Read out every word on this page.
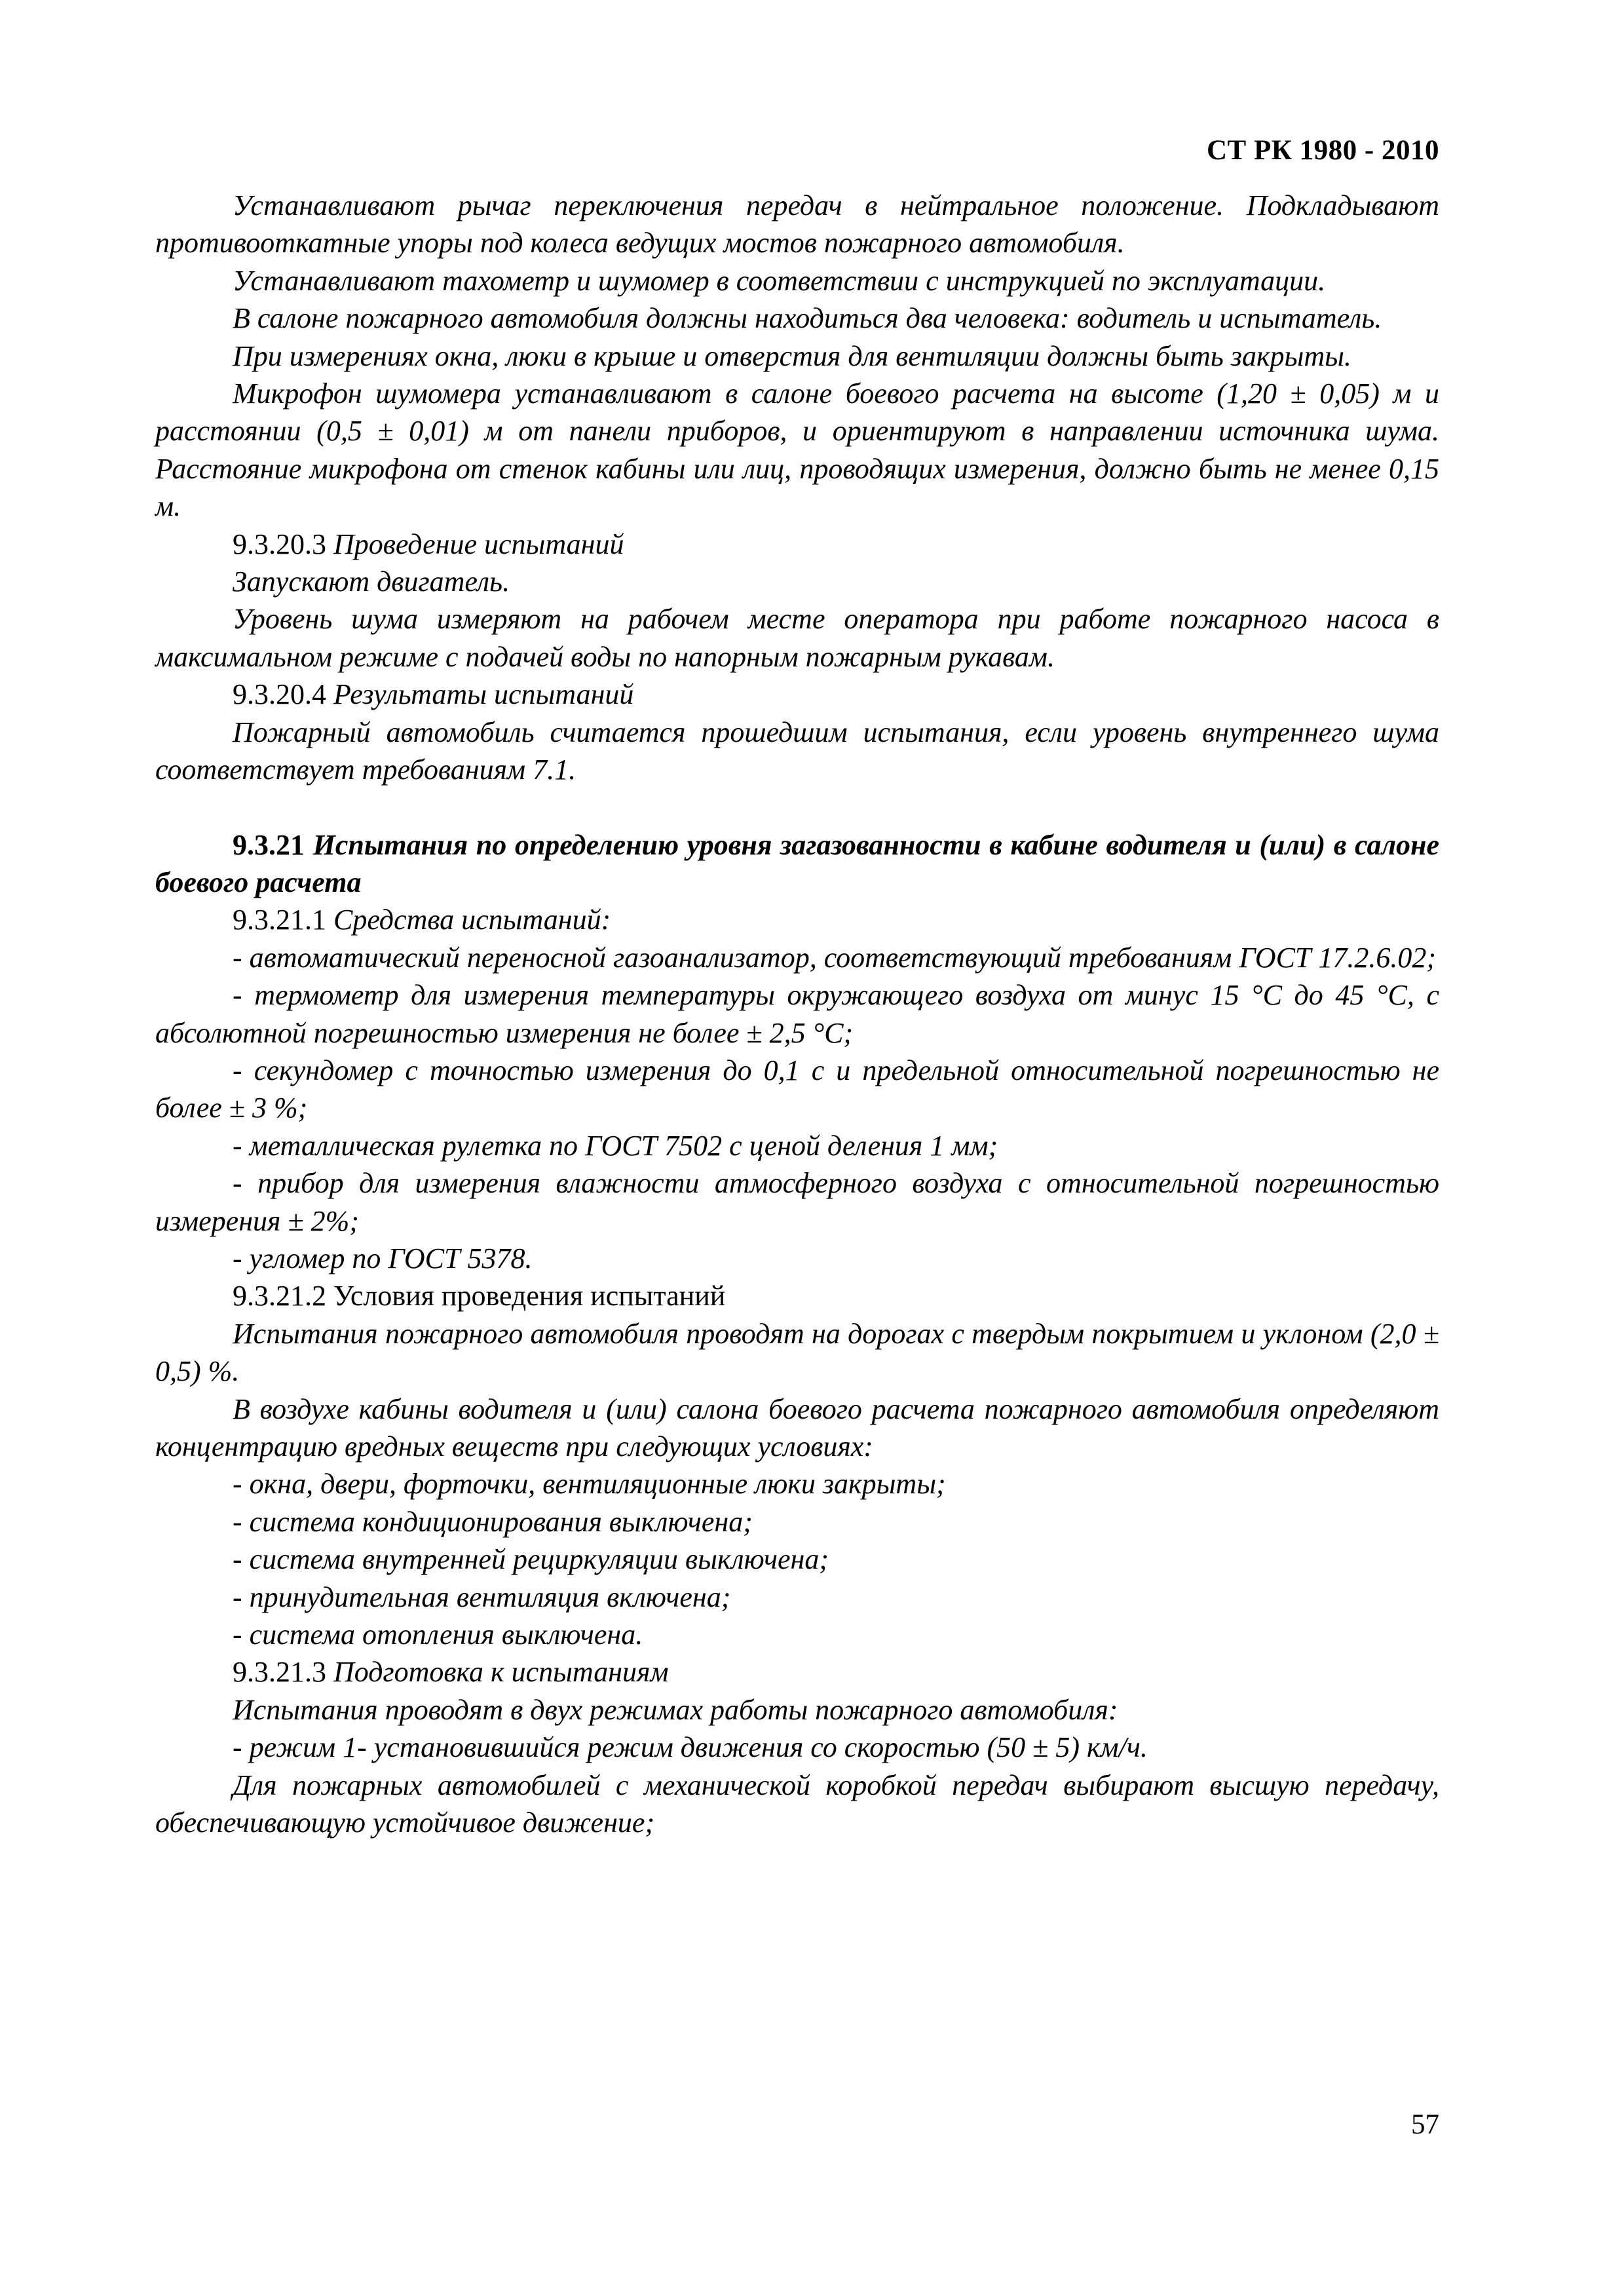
СТ РК 1980 - 2010

Устанавливают рычаг переключения передач в нейтральное положение. Подкладывают противооткатные упоры под колеса ведущих мостов пожарного автомобиля.

Устанавливают тахометр и шумомер в соответствии с инструкцией по эксплуатации.

В салоне пожарного автомобиля должны находиться два человека: водитель и испытатель.

При измерениях окна, люки в крыше и отверстия для вентиляции должны быть закрыты.

Микрофон шумомера устанавливают в салоне боевого расчета на высоте (1,20 ± 0,05) м и расстоянии (0,5 ± 0,01) м от панели приборов, и ориентируют в направлении источника шума. Расстояние микрофона от стенок кабины или лиц, проводящих измерения, должно быть не менее 0,15 м.

9.3.20.3 Проведение испытаний

Запускают двигатель.

Уровень шума измеряют на рабочем месте оператора при работе пожарного насоса в максимальном режиме с подачей воды по напорным пожарным рукавам.

9.3.20.4 Результаты испытаний

Пожарный автомобиль считается прошедшим испытания, если уровень внутреннего шума соответствует требованиям 7.1.

9.3.21 Испытания по определению уровня загазованности в кабине водителя и (или) в салоне боевого расчета

9.3.21.1 Средства испытаний:

- автоматический переносной газоанализатор, соответствующий требованиям ГОСТ 17.2.6.02;

- термометр для измерения температуры окружающего воздуха от минус 15 °С до 45 °С, с абсолютной погрешностью измерения не более ± 2,5 °С;

- секундомер с точностью измерения до 0,1 с и предельной относительной погрешностью не более ± 3 %;

- металлическая рулетка по ГОСТ 7502 с ценой деления 1 мм;

- прибор для измерения влажности атмосферного воздуха с относительной погрешностью измерения ± 2%;

- угломер по ГОСТ 5378.

9.3.21.2 Условия проведения испытаний

Испытания пожарного автомобиля проводят на дорогах с твердым покрытием и уклоном (2,0 ± 0,5) %.

В воздухе кабины водителя и (или) салона боевого расчета пожарного автомобиля определяют концентрацию вредных веществ при следующих условиях:

- окна, двери, форточки, вентиляционные люки закрыты;

- система кондиционирования выключена;

- система внутренней рециркуляции выключена;

- принудительная вентиляция включена;

- система отопления выключена.

9.3.21.3 Подготовка к испытаниям

Испытания проводят в двух режимах работы пожарного автомобиля:

- режим 1- установившийся режим движения со скоростью (50 ± 5) км/ч.

Для пожарных автомобилей с механической коробкой передач выбирают высшую передачу, обеспечивающую устойчивое движение;

57
